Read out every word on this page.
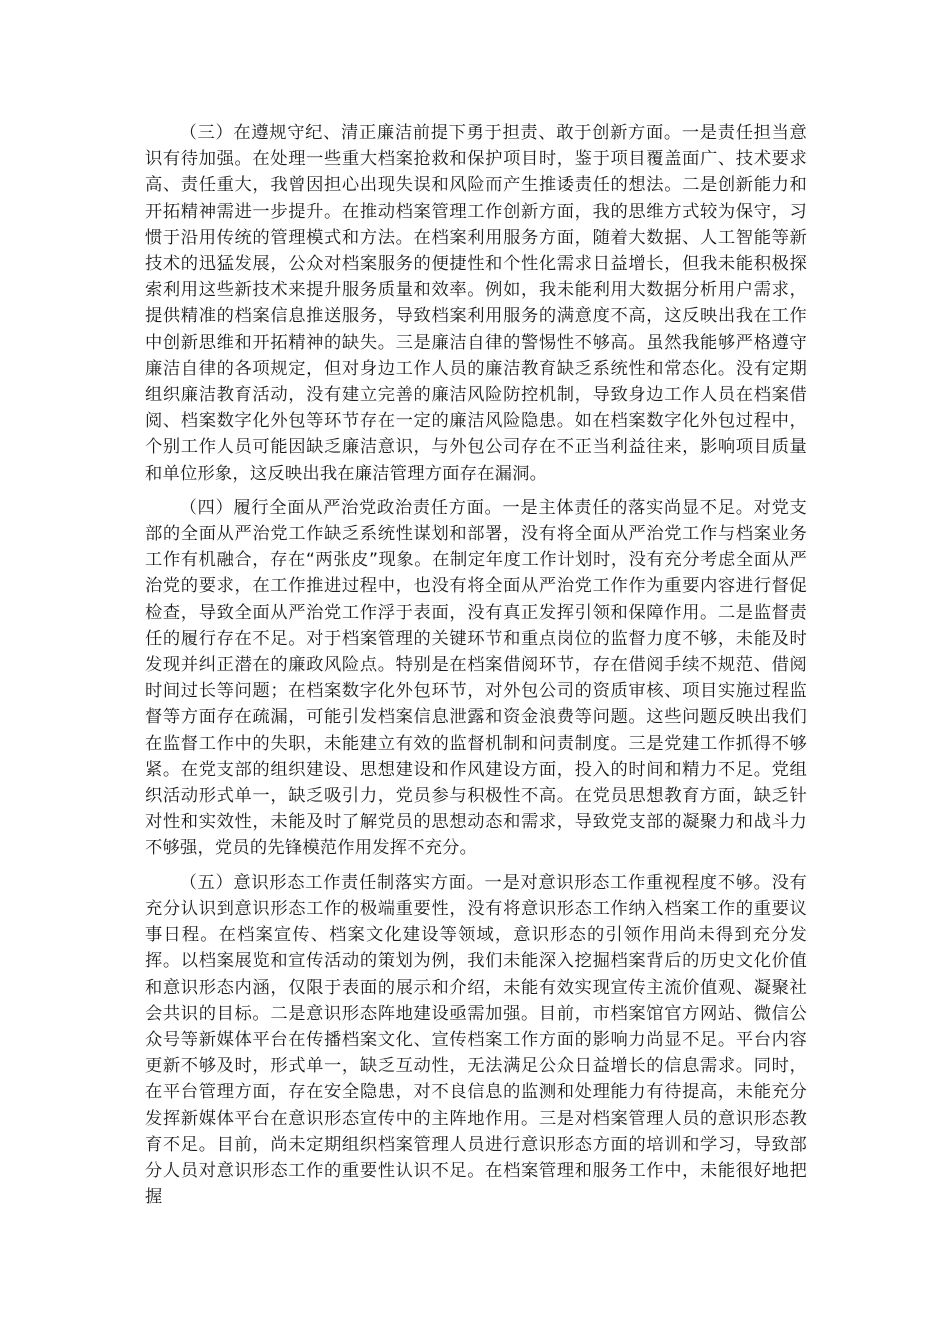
（三）在遵规守纪、清正廉洁前提下勇于担责、敢于创新方面。一是责任担当意识有待加强。在处理一些重大档案抢救和保护项目时，鉴于项目覆盖面广、技术要求高、责任重大，我曾因担心出现失误和风险而产生推诿责任的想法。二是创新能力和开拓精神需进一步提升。在推动档案管理工作创新方面，我的思维方式较为保守，习惯于沿用传统的管理模式和方法。在档案利用服务方面，随着大数据、人工智能等新技术的迅猛发展，公众对档案服务的便捷性和个性化需求日益增长，但我未能积极探索利用这些新技术来提升服务质量和效率。例如，我未能利用大数据分析用户需求，提供精准的档案信息推送服务，导致档案利用服务的满意度不高，这反映出我在工作中创新思维和开拓精神的缺失。三是廉洁自律的警惕性不够高。虽然我能够严格遵守廉洁自律的各项规定，但对身边工作人员的廉洁教育缺乏系统性和常态化。没有定期组织廉洁教育活动，没有建立完善的廉洁风险防控机制，导致身边工作人员在档案借阅、档案数字化外包等环节存在一定的廉洁风险隐患。如在档案数字化外包过程中，个别工作人员可能因缺乏廉洁意识，与外包公司存在不正当利益往来，影响项目质量和单位形象，这反映出我在廉洁管理方面存在漏洞。

（四）履行全面从严治党政治责任方面。一是主体责任的落实尚显不足。对党支部的全面从严治党工作缺乏系统性谋划和部署，没有将全面从严治党工作与档案业务工作有机融合，存在“两张皮”现象。在制定年度工作计划时，没有充分考虑全面从严治党的要求，在工作推进过程中，也没有将全面从严治党工作作为重要内容进行督促检查，导致全面从严治党工作浮于表面，没有真正发挥引领和保障作用。二是监督责任的履行存在不足。对于档案管理的关键环节和重点岗位的监督力度不够，未能及时发现并纠正潜在的廉政风险点。特别是在档案借阅环节，存在借阅手续不规范、借阅时间过长等问题；在档案数字化外包环节，对外包公司的资质审核、项目实施过程监督等方面存在疏漏，可能引发档案信息泄露和资金浪费等问题。这些问题反映出我们在监督工作中的失职，未能建立有效的监督机制和问责制度。三是党建工作抓得不够紧。在党支部的组织建设、思想建设和作风建设方面，投入的时间和精力不足。党组织活动形式单一，缺乏吸引力，党员参与积极性不高。在党员思想教育方面，缺乏针对性和实效性，未能及时了解党员的思想动态和需求，导致党支部的凝聚力和战斗力不够强，党员的先锋模范作用发挥不充分。

（五）意识形态工作责任制落实方面。一是对意识形态工作重视程度不够。没有充分认识到意识形态工作的极端重要性，没有将意识形态工作纳入档案工作的重要议事日程。在档案宣传、档案文化建设等领域，意识形态的引领作用尚未得到充分发挥。以档案展览和宣传活动的策划为例，我们未能深入挖掘档案背后的历史文化价值和意识形态内涵，仅限于表面的展示和介绍，未能有效实现宣传主流价值观、凝聚社会共识的目标。二是意识形态阵地建设亟需加强。目前，市档案馆官方网站、微信公众号等新媒体平台在传播档案文化、宣传档案工作方面的影响力尚显不足。平台内容更新不够及时，形式单一，缺乏互动性，无法满足公众日益增长的信息需求。同时，在平台管理方面，存在安全隐患，对不良信息的监测和处理能力有待提高，未能充分发挥新媒体平台在意识形态宣传中的主阵地作用。三是对档案管理人员的意识形态教育不足。目前，尚未定期组织档案管理人员进行意识形态方面的培训和学习，导致部分人员对意识形态工作的重要性认识不足。在档案管理和服务工作中，未能很好地把握
